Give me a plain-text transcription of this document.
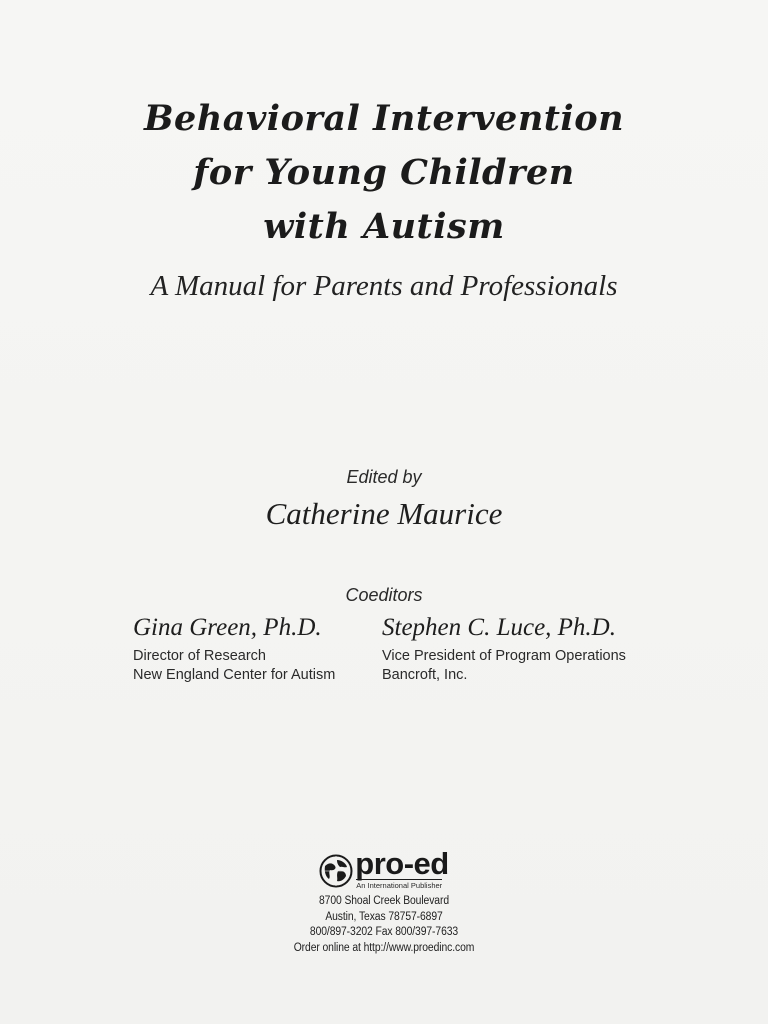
Behavioral Intervention
for Young Children
with Autism
A Manual for Parents and Professionals
Edited by
Catherine Maurice
Coeditors
Gina Green, Ph.D.
Director of Research
New England Center for Autism
Stephen C. Luce, Ph.D.
Vice President of Program Operations
Bancroft, Inc.
pro-ed
An International Publisher
8700 Shoal Creek Boulevard
Austin, Texas 78757-6897
800/897-3202 Fax 800/397-7633
Order online at http://www.proedinc.com
